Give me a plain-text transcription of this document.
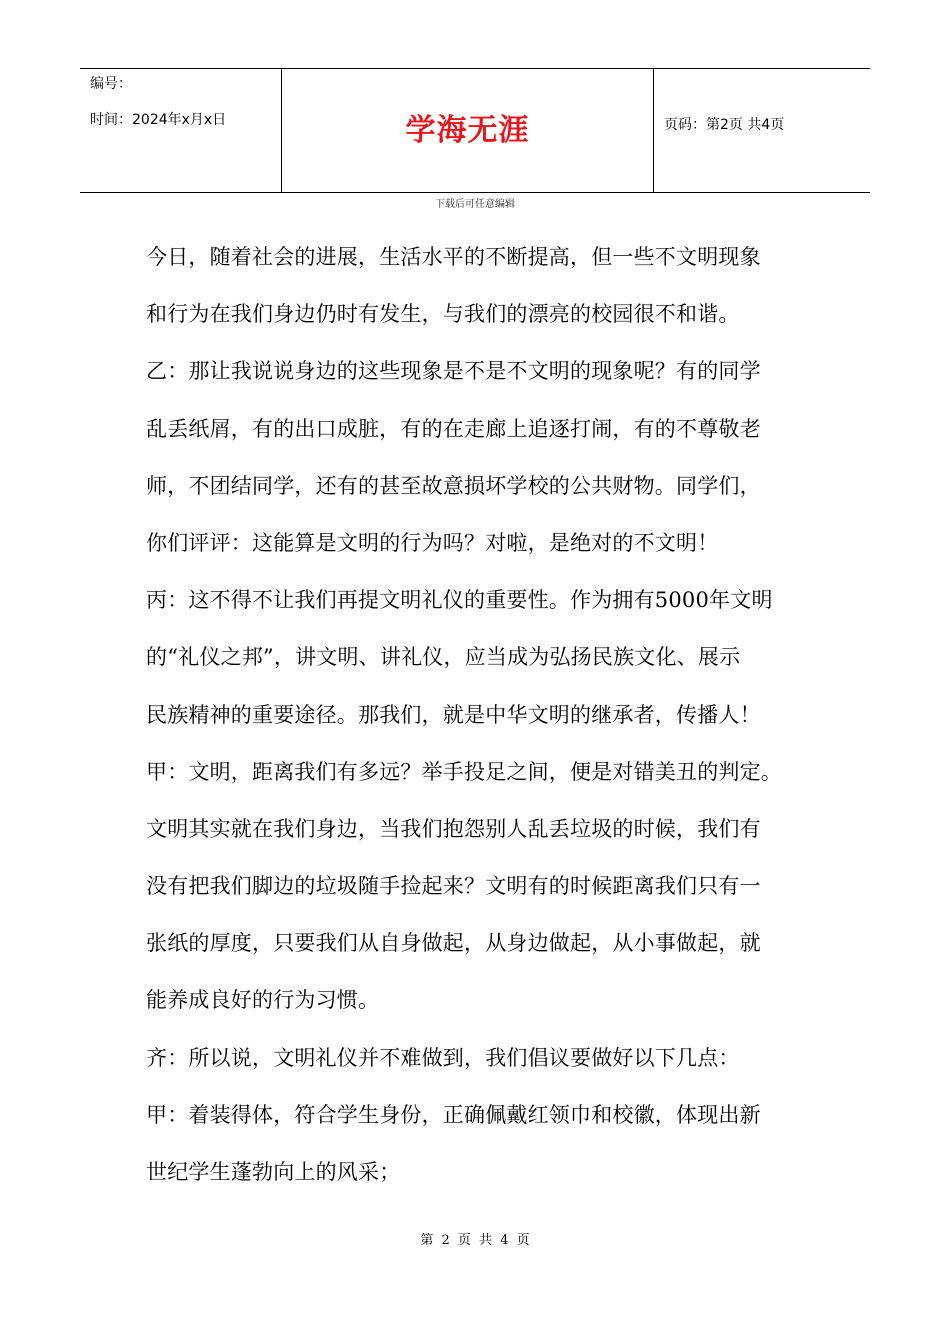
编号：
时间：2024年x月x日	学海无涯	页码：第2页 共4页
下载后可任意编辑
今日，随着社会的进展，生活水平的不断提高，但一些不文明现象
和行为在我们身边仍时有发生，与我们的漂亮的校园很不和谐。
乙：那让我说说身边的这些现象是不是不文明的现象呢？有的同学
乱丢纸屑，有的出口成脏，有的在走廊上追逐打闹，有的不尊敬老
师，不团结同学，还有的甚至故意损坏学校的公共财物。同学们，
你们评评：这能算是文明的行为吗？对啦，是绝对的不文明！
丙：这不得不让我们再提文明礼仪的重要性。作为拥有5000年文明
的“礼仪之邦”，讲文明、讲礼仪，应当成为弘扬民族文化、展示
民族精神的重要途径。那我们，就是中华文明的继承者，传播人！
甲：文明，距离我们有多远？举手投足之间，便是对错美丑的判定。
文明其实就在我们身边，当我们抱怨别人乱丢垃圾的时候，我们有
没有把我们脚边的垃圾随手捡起来？文明有的时候距离我们只有一
张纸的厚度，只要我们从自身做起，从身边做起，从小事做起，就
能养成良好的行为习惯。
齐：所以说，文明礼仪并不难做到，我们倡议要做好以下几点：
甲：着装得体，符合学生身份，正确佩戴红领巾和校徽，体现出新
世纪学生蓬勃向上的风采；
第 2 页 共 4 页
